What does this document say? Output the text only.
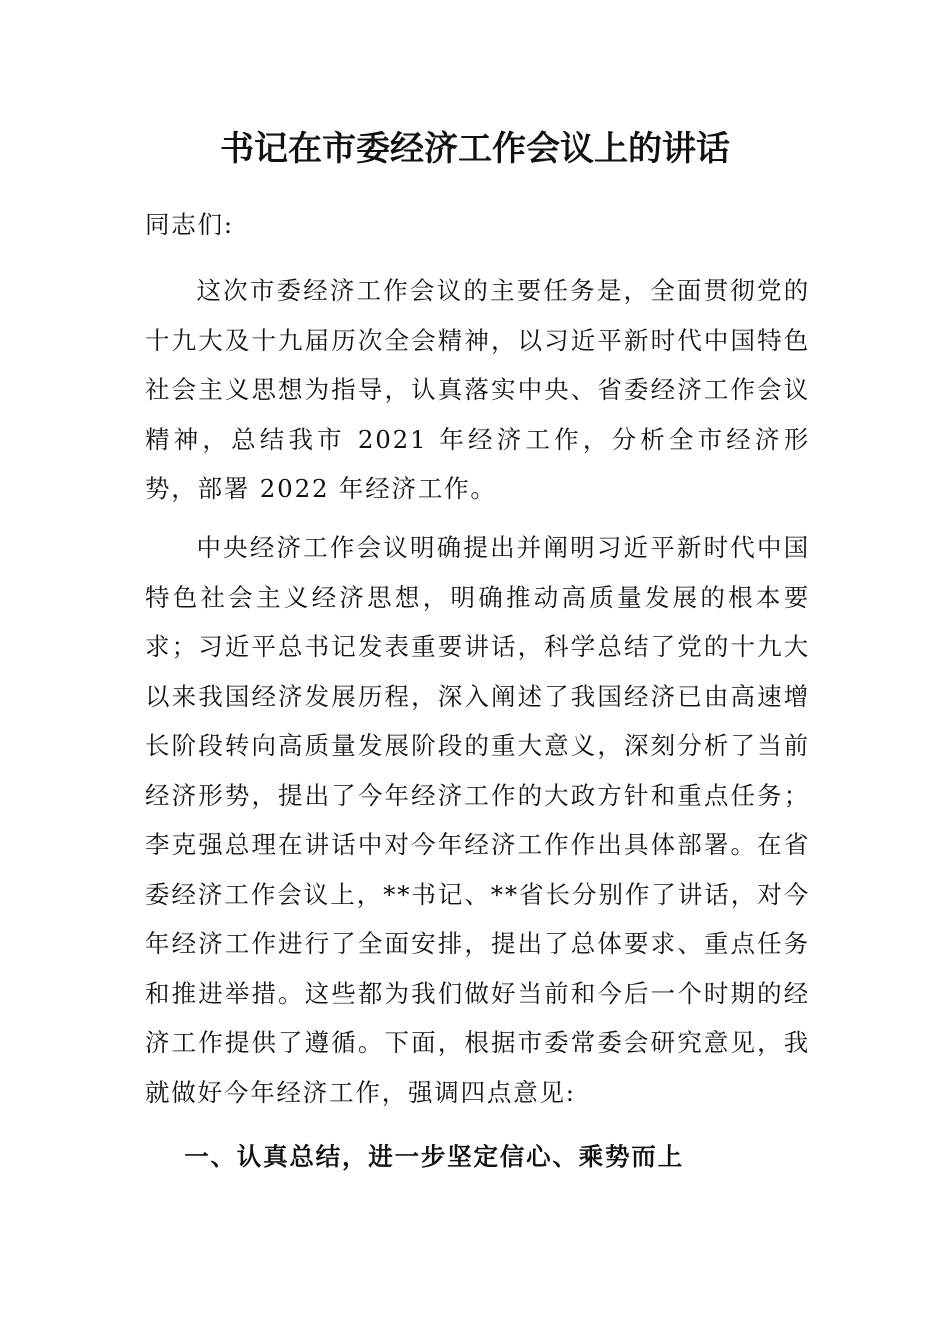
书记在市委经济工作会议上的讲话

同志们:

这次市委经济工作会议的主要任务是，全面贯彻党的十九大及十九届历次全会精神，以习近平新时代中国特色社会主义思想为指导，认真落实中央、省委经济工作会议精神，总结我市 2021 年经济工作，分析全市经济形势，部署 2022 年经济工作。

中央经济工作会议明确提出并阐明习近平新时代中国特色社会主义经济思想，明确推动高质量发展的根本要求；习近平总书记发表重要讲话，科学总结了党的十九大以来我国经济发展历程，深入阐述了我国经济已由高速增长阶段转向高质量发展阶段的重大意义，深刻分析了当前经济形势，提出了今年经济工作的大政方针和重点任务；李克强总理在讲话中对今年经济工作作出具体部署。在省委经济工作会议上，**书记、**省长分别作了讲话，对今年经济工作进行了全面安排，提出了总体要求、重点任务和推进举措。这些都为我们做好当前和今后一个时期的经济工作提供了遵循。下面，根据市委常委会研究意见，我就做好今年经济工作，强调四点意见:

一、认真总结，进一步坚定信心、乘势而上
